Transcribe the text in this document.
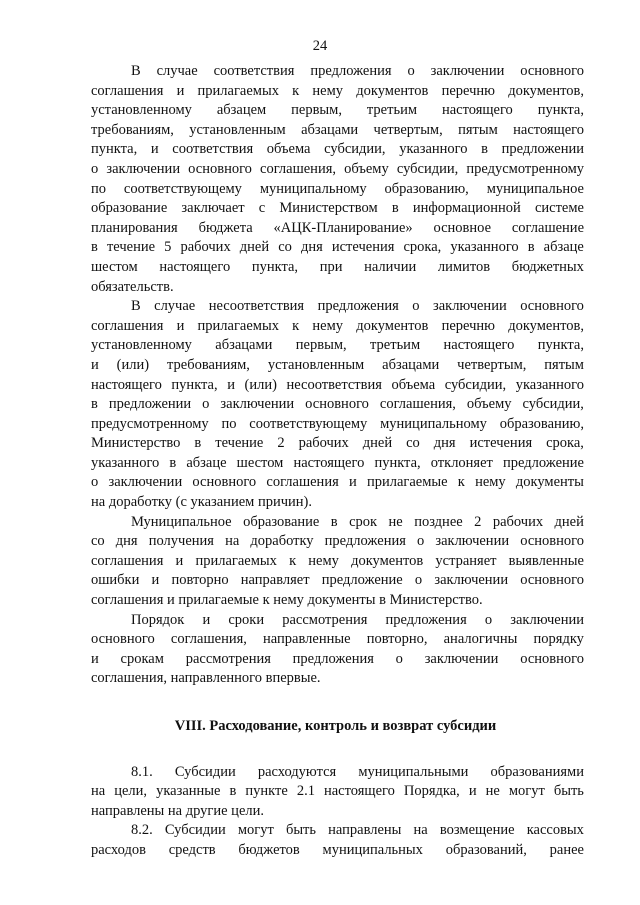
24
В случае соответствия предложения о заключении основного
соглашения и прилагаемых к нему документов перечню документов,
установленному абзацем первым, третьим настоящего пункта,
требованиям, установленным абзацами четвертым, пятым настоящего
пункта, и соответствия объема субсидии, указанного в предложении
о заключении основного соглашения, объему субсидии, предусмотренному
по соответствующему муниципальному образованию, муниципальное
образование заключает с Министерством в информационной системе
планирования бюджета «АЦК-Планирование» основное соглашение
в течение 5 рабочих дней со дня истечения срока, указанного в абзаце
шестом настоящего пункта, при наличии лимитов бюджетных
обязательств.
В случае несоответствия предложения о заключении основного
соглашения и прилагаемых к нему документов перечню документов,
установленному абзацами первым, третьим настоящего пункта,
и (или) требованиям, установленным абзацами четвертым, пятым
настоящего пункта, и (или) несоответствия объема субсидии, указанного
в предложении о заключении основного соглашения, объему субсидии,
предусмотренному по соответствующему муниципальному образованию,
Министерство в течение 2 рабочих дней со дня истечения срока,
указанного в абзаце шестом настоящего пункта, отклоняет предложение
о заключении основного соглашения и прилагаемые к нему документы
на доработку (с указанием причин).
Муниципальное образование в срок не позднее 2 рабочих дней
со дня получения на доработку предложения о заключении основного
соглашения и прилагаемых к нему документов устраняет выявленные
ошибки и повторно направляет предложение о заключении основного
соглашения и прилагаемые к нему документы в Министерство.
Порядок и сроки рассмотрения предложения о заключении
основного соглашения, направленные повторно, аналогичны порядку
и срокам рассмотрения предложения о заключении основного
соглашения, направленного впервые.
VIII. Расходование, контроль и возврат субсидии
8.1. Субсидии расходуются муниципальными образованиями
на цели, указанные в пункте 2.1 настоящего Порядка, и не могут быть
направлены на другие цели.
8.2. Субсидии могут быть направлены на возмещение кассовых
расходов средств бюджетов муниципальных образований, ранее
